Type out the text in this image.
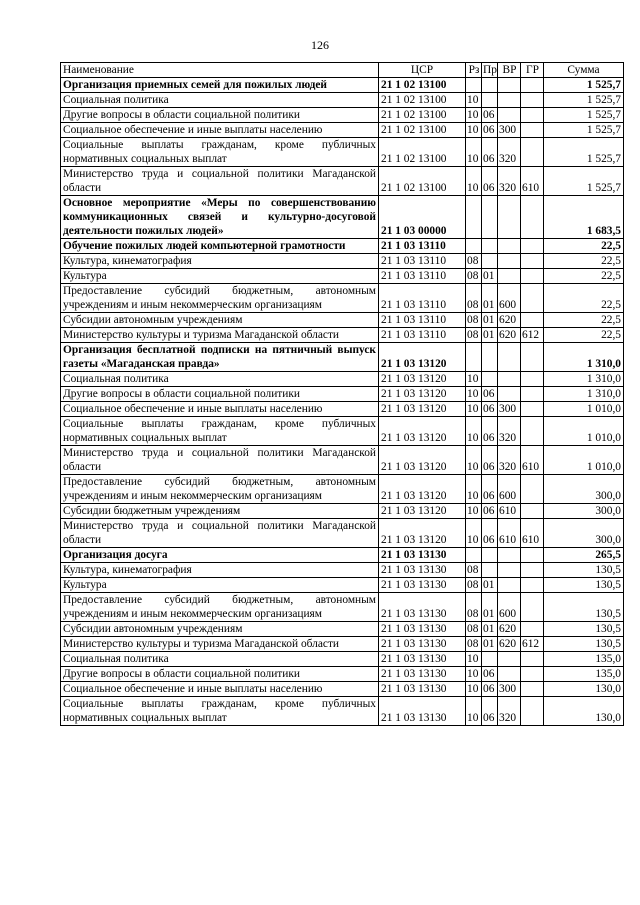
126
Наименование	ЦСР	Рз	Пр	ВР	ГР	Сумма
Организация приемных семей для пожилых людей	21 1 02 13100					1 525,7
Социальная политика	21 1 02 13100	10				1 525,7
Другие вопросы в области социальной политики	21 1 02 13100	10	06			1 525,7
Социальное обеспечение и иные выплаты населению	21 1 02 13100	10	06	300		1 525,7
Социальные выплаты гражданам, кроме публичных нормативных социальных выплат	21 1 02 13100	10	06	320		1 525,7
Министерство труда и социальной политики Магаданской области	21 1 02 13100	10	06	320	610	1 525,7
Основное мероприятие «Меры по совершенствованию коммуникационных связей и культурно-досуговой деятельности пожилых людей»	21 1 03 00000					1 683,5
Обучение пожилых людей компьютерной грамотности	21 1 03 13110					22,5
Культура, кинематография	21 1 03 13110	08				22,5
Культура	21 1 03 13110	08	01			22,5
Предоставление субсидий бюджетным, автономным учреждениям и иным некоммерческим организациям	21 1 03 13110	08	01	600		22,5
Субсидии автономным учреждениям	21 1 03 13110	08	01	620		22,5
Министерство культуры и туризма Магаданской области	21 1 03 13110	08	01	620	612	22,5
Организация бесплатной подписки на пятничный выпуск газеты «Магаданская правда»	21 1 03 13120					1 310,0
Социальная политика	21 1 03 13120	10				1 310,0
Другие вопросы в области социальной политики	21 1 03 13120	10	06			1 310,0
Социальное обеспечение и иные выплаты населению	21 1 03 13120	10	06	300		1 010,0
Социальные выплаты гражданам, кроме публичных нормативных социальных выплат	21 1 03 13120	10	06	320		1 010,0
Министерство труда и социальной политики Магаданской области	21 1 03 13120	10	06	320	610	1 010,0
Предоставление субсидий бюджетным, автономным учреждениям и иным некоммерческим организациям	21 1 03 13120	10	06	600		300,0
Субсидии бюджетным учреждениям	21 1 03 13120	10	06	610		300,0
Министерство труда и социальной политики Магаданской области	21 1 03 13120	10	06	610	610	300,0
Организация досуга	21 1 03 13130					265,5
Культура, кинематография	21 1 03 13130	08				130,5
Культура	21 1 03 13130	08	01			130,5
Предоставление субсидий бюджетным, автономным учреждениям и иным некоммерческим организациям	21 1 03 13130	08	01	600		130,5
Субсидии автономным учреждениям	21 1 03 13130	08	01	620		130,5
Министерство культуры и туризма Магаданской области	21 1 03 13130	08	01	620	612	130,5
Социальная политика	21 1 03 13130	10				135,0
Другие вопросы в области социальной политики	21 1 03 13130	10	06			135,0
Социальное обеспечение и иные выплаты населению	21 1 03 13130	10	06	300		130,0
Социальные выплаты гражданам, кроме публичных нормативных социальных выплат	21 1 03 13130	10	06	320		130,0
